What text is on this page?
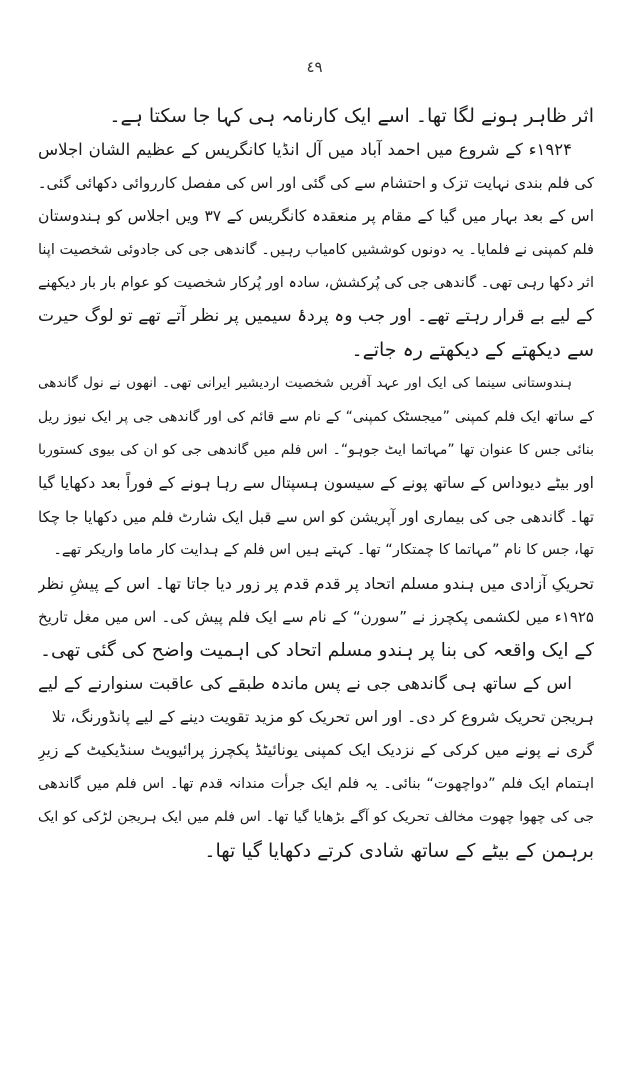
٤٩
اثر ظاہر ہونے لگا تھا۔ اسے ایک کارنامہ ہی کہا جا سکتا ہے۔
۱۹۲۴ء کے شروع میں احمد آباد میں آل انڈیا کانگریس کے عظیم الشان اجلاس
کی فلم بندی نہایت تزک و احتشام سے کی گئی اور اس کی مفصل کارروائی دکھائی گئی۔
اس کے بعد بہار میں گیا کے مقام پر منعقدہ کانگریس کے ۳۷ ویں اجلاس کو ہندوستان
فلم کمپنی نے فلمایا۔ یہ دونوں کوششیں کامیاب رہیں۔ گاندھی جی کی جادوئی شخصیت اپنا
اثر دکھا رہی تھی۔ گاندھی جی کی پُرکشش، سادہ اور پُرکار شخصیت کو عوام بار بار دیکھنے
کے لیے بے قرار رہتے تھے۔ اور جب وہ پردۂ سیمیں پر نظر آتے تھے تو لوگ حیرت
سے دیکھتے کے دیکھتے رہ جاتے۔
ہندوستانی سینما کی ایک اور عہد آفریں شخصیت اردیشیر ایرانی تھی۔ انھوں نے نول گاندھی
کے ساتھ ایک فلم کمپنی ”میجسٹک کمپنی“ کے نام سے قائم کی اور گاندھی جی پر ایک نیوز ریل
بنائی جس کا عنوان تھا ”مہاتما ایٹ جوہو“۔ اس فلم میں گاندھی جی کو ان کی بیوی کستوربا
اور بیٹے دیوداس کے ساتھ پونے کے سیسون ہسپتال سے رہا ہونے کے فوراً بعد دکھایا گیا
تھا۔ گاندھی جی کی بیماری اور آپریشن کو اس سے قبل ایک شارٹ فلم میں دکھایا جا چکا
تھا، جس کا نام ”مہاتما کا چمتکار“ تھا۔ کہتے ہیں اس فلم کے ہدایت کار ماما واریکر تھے۔
تحریکِ آزادی میں ہندو مسلم اتحاد پر قدم قدم پر زور دیا جاتا تھا۔ اس کے پیشِ نظر
۱۹۲۵ء میں لکشمی پکچرز نے ”سورن“ کے نام سے ایک فلم پیش کی۔ اس میں مغل تاریخ
کے ایک واقعہ کی بنا پر ہندو مسلم اتحاد کی اہمیت واضح کی گئی تھی۔
اس کے ساتھ ہی گاندھی جی نے پس ماندہ طبقے کی عاقبت سنوارنے کے لیے
ہریجن تحریک شروع کر دی۔ اور اس تحریک کو مزید تقویت دینے کے لیے پانڈورنگ، تلا
گری نے پونے میں کرکی کے نزدیک ایک کمپنی یونائیٹڈ پکچرز پرائیویٹ سنڈیکیٹ کے زیرِ
اہتمام ایک فلم ”دواچھوت“ بنائی۔ یہ فلم ایک جرأت مندانہ قدم تھا۔ اس فلم میں گاندھی
جی کی چھوا چھوت مخالف تحریک کو آگے بڑھایا گیا تھا۔ اس فلم میں ایک ہریجن لڑکی کو ایک
برہمن کے بیٹے کے ساتھ شادی کرتے دکھایا گیا تھا۔
